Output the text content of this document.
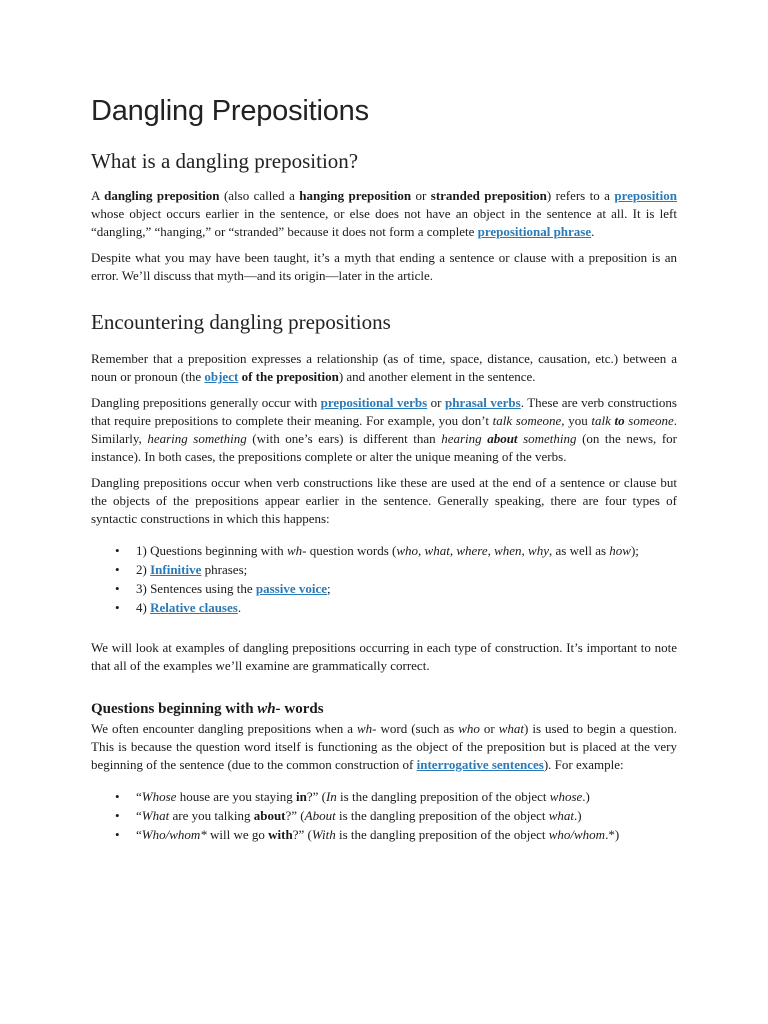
Dangling Prepositions
What is a dangling preposition?

A dangling preposition (also called a hanging preposition or stranded preposition) refers to a preposition whose object occurs earlier in the sentence, or else does not have an object in the sentence at all. It is left “dangling,” “hanging,” or “stranded” because it does not form a complete prepositional phrase.

Despite what you may have been taught, it’s a myth that ending a sentence or clause with a preposition is an error. We’ll discuss that myth—and its origin—later in the article.

Encountering dangling prepositions

Remember that a preposition expresses a relationship (as of time, space, distance, causation, etc.) between a noun or pronoun (the object of the preposition) and another element in the sentence.

Dangling prepositions generally occur with prepositional verbs or phrasal verbs. These are verb constructions that require prepositions to complete their meaning. For example, you don’t talk someone, you talk to someone. Similarly, hearing something (with one’s ears) is different than hearing about something (on the news, for instance). In both cases, the prepositions complete or alter the unique meaning of the verbs.

Dangling prepositions occur when verb constructions like these are used at the end of a sentence or clause but the objects of the prepositions appear earlier in the sentence. Generally speaking, there are four types of syntactic constructions in which this happens:

• 1) Questions beginning with wh- question words (who, what, where, when, why, as well as how);
• 2) Infinitive phrases;
• 3) Sentences using the passive voice;
• 4) Relative clauses.

We will look at examples of dangling prepositions occurring in each type of construction. It’s important to note that all of the examples we’ll examine are grammatically correct.

Questions beginning with wh- words

We often encounter dangling prepositions when a wh- word (such as who or what) is used to begin a question. This is because the question word itself is functioning as the object of the preposition but is placed at the very beginning of the sentence (due to the common construction of interrogative sentences). For example:

• “Whose house are you staying in?” (In is the dangling preposition of the object whose.)
• “What are you talking about?” (About is the dangling preposition of the object what.)
• “Who/whom* will we go with?” (With is the dangling preposition of the object who/whom.*)
